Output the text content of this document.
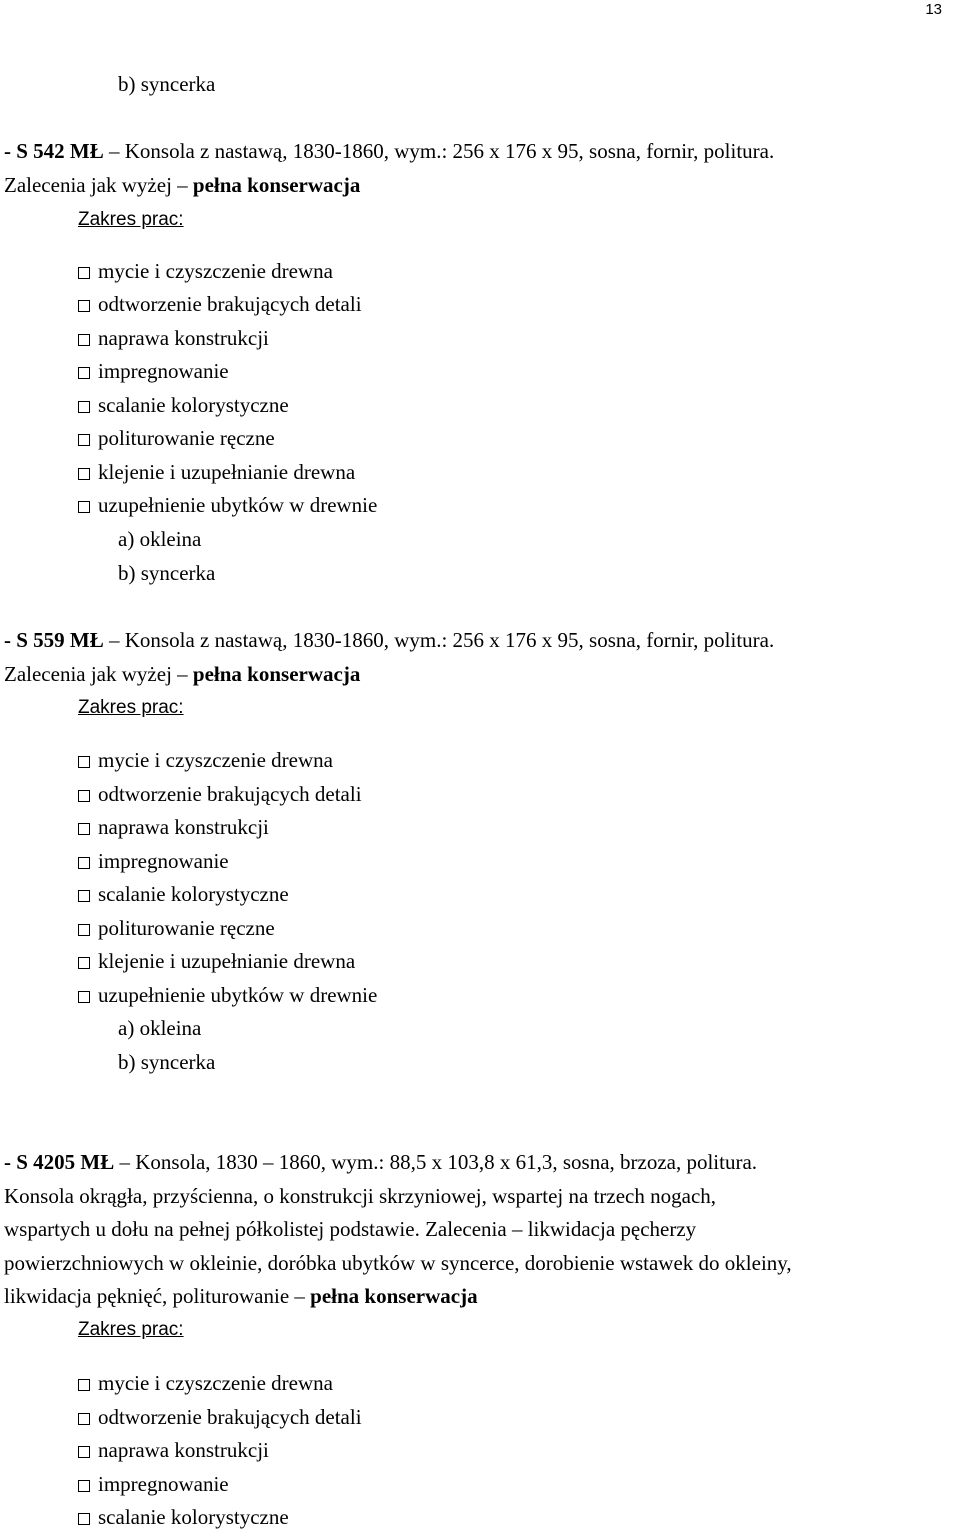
13
b) syncerka
- S 542 MŁ – Konsola z nastawą, 1830-1860, wym.: 256 x 176 x 95, sosna, fornir, politura.
Zalecenia jak wyżej – pełna konserwacja
Zakres prac:
mycie i czyszczenie drewna
odtworzenie brakujących detali
naprawa konstrukcji
impregnowanie
scalanie kolorystyczne
politurowanie ręczne
klejenie i uzupełnianie drewna
uzupełnienie ubytków w drewnie
a) okleina
b) syncerka
- S 559 MŁ – Konsola z nastawą, 1830-1860, wym.: 256 x 176 x 95, sosna, fornir, politura.
Zalecenia jak wyżej – pełna konserwacja
Zakres prac:
mycie i czyszczenie drewna
odtworzenie brakujących detali
naprawa konstrukcji
impregnowanie
scalanie kolorystyczne
politurowanie ręczne
klejenie i uzupełnianie drewna
uzupełnienie ubytków w drewnie
a) okleina
b) syncerka
- S 4205 MŁ – Konsola, 1830 – 1860, wym.: 88,5 x 103,8 x 61,3, sosna, brzoza, politura.
Konsola okrągła, przyścienna, o konstrukcji skrzyniowej, wspartej na trzech nogach,
wspartych u dołu na pełnej półkolistej podstawie. Zalecenia – likwidacja pęcherzy
powierzchniowych w okleinie, doróbka ubytków w syncerce, dorobienie wstawek do okleiny,
likwidacja pęknięć, politurowanie – pełna konserwacja
Zakres prac:
mycie i czyszczenie drewna
odtworzenie brakujących detali
naprawa konstrukcji
impregnowanie
scalanie kolorystyczne
